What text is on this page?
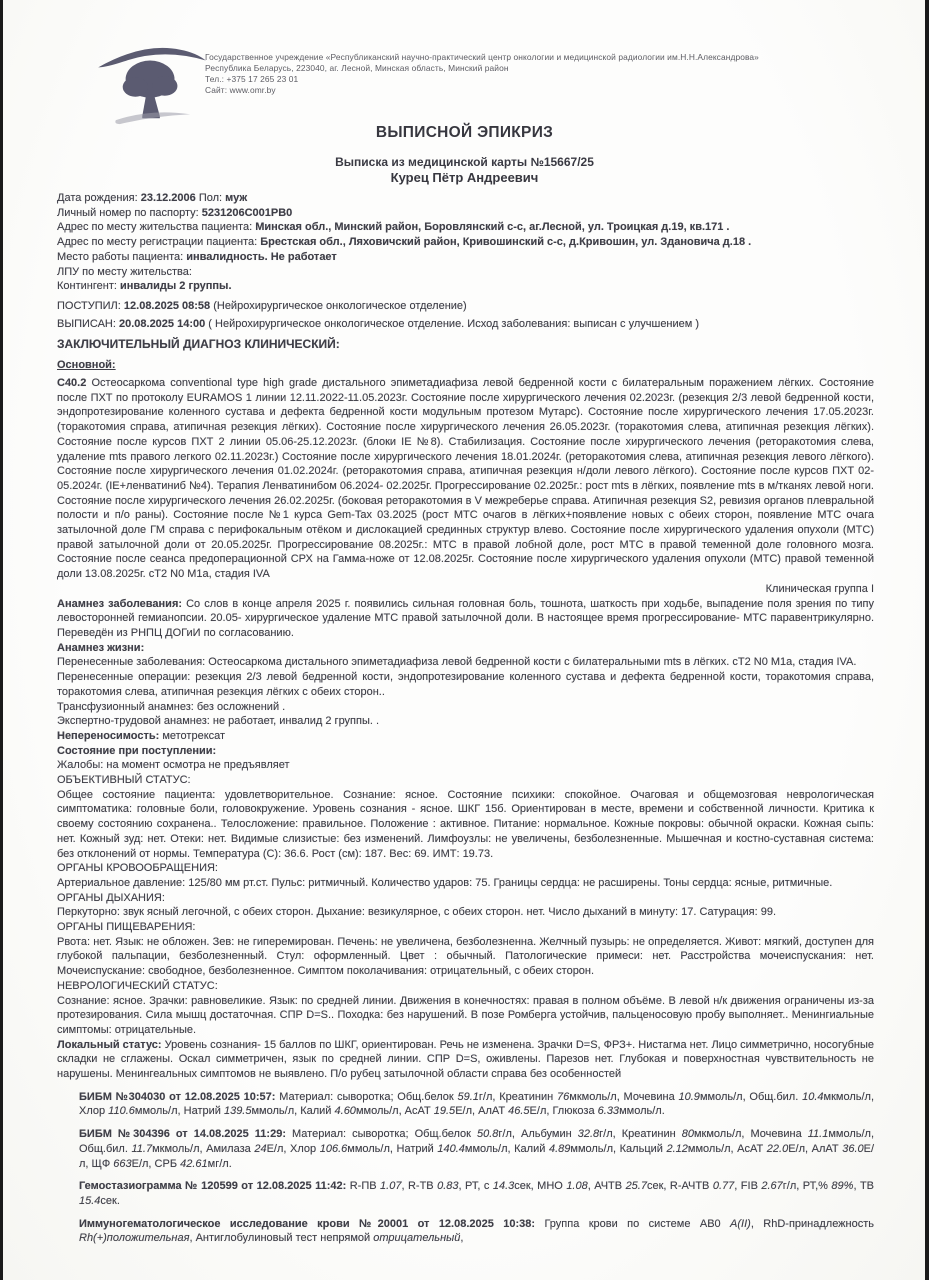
Государственное учреждение «Республиканский научно-практический центр онкологии и медицинской радиологии им.Н.Н.Александрова»
Республика Беларусь, 223040, аг. Лесной, Минская область, Минский район
Тел.: +375 17 265 23 01
Сайт: www.omr.by
ВЫПИСНОЙ ЭПИКРИЗ
Выписка из медицинской карты №15667/25
Курец Пётр Андреевич

Дата рождения: 23.12.2006 Пол: муж

Личный номер по паспорту: 5231206C001PB0

Адрес по месту жительства пациента: Минская обл., Минский район, Боровлянский с-с, аг.Лесной, ул. Троицкая д.19, кв.171 .

Адрес по месту регистрации пациента: Брестская обл., Ляховичский район, Кривошинский с-с, д.Кривошин, ул. Здановича д.18 .

Место работы пациента: инвалидность. Не работает

ЛПУ по месту жительства:

Контингент: инвалиды 2 группы.

ПОСТУПИЛ: 12.08.2025 08:58 (Нейрохирургическое онкологическое отделение)

ВЫПИСАН: 20.08.2025 14:00 ( Нейрохирургическое онкологическое отделение. Исход заболевания: выписан с улучшением )

ЗАКЛЮЧИТЕЛЬНЫЙ ДИАГНОЗ КЛИНИЧЕСКИЙ:

Основной:

С40.2 Остеосаркома conventional type high grade дистального эпиметадиафиза левой бедренной кости с билатеральным поражением лёгких. Состояние после ПХТ по протоколу EURAMOS 1 линии 12.11.2022-11.05.2023г. Состояние после хирургического лечения 02.2023г. (резекция 2/3 левой бедренной кости, эндопротезирование коленного сустава и дефекта бедренной кости модульным протезом Мутарс). Состояние после хирургического лечения 17.05.2023г. (торакотомия справа, атипичная резекция лёгких). Состояние после хирургического лечения 26.05.2023г. (торакотомия слева, атипичная резекция лёгких). Состояние после курсов ПХТ 2 линии 05.06-25.12.2023г. (блоки IE №8). Стабилизация. Состояние после хирургического лечения (реторакотомия слева, удаление mts правого легкого 02.11.2023г.) Состояние после хирургического лечения 18.01.2024г. (реторакотомия слева, атипичная резекция левого лёгкого). Состояние после хирургического лечения 01.02.2024г. (реторакотомия справа, атипичная резекция н/доли левого лёгкого). Состояние после курсов ПХТ 02-05.2024г. (IE+ленватиниб №4). Терапия Ленватинибом 06.2024- 02.2025г. Прогрессирование 02.2025г.: рост mts в лёгких, появление mts в м/тканях левой ноги. Состояние после хирургического лечения 26.02.2025г. (боковая реторакотомия в V межреберье справа. Атипичная резекция S2, ревизия органов плевральной полости и п/о раны). Состояние после №1 курса Gem-Tax 03.2025 (рост МТС очагов в лёгких+появление новых с обеих сторон, появление МТС очага затылочной доле ГМ справа с перифокальным отёком и дислокацией срединных структур влево. Состояние после хирургического удаления опухоли (МТС) правой затылочной доли от 20.05.2025г. Прогрессирование 08.2025г.: МТС в правой лобной доле, рост МТС в правой теменной доле головного мозга. Состояние после сеанса предоперационной СРХ на Гамма-ноже от 12.08.2025г. Состояние после хирургического удаления опухоли (МТС) правой теменной доли 13.08.2025г. сТ2 N0 M1a, стадия IVA

Клиническая группа I

Анамнез заболевания: Со слов в конце апреля 2025 г. появились сильная головная боль, тошнота, шаткость при ходьбе, выпадение поля зрения по типу левосторонней гемианопсии. 20.05- хирургическое удаление МТС правой затылочной доли. В настоящее время прогрессирование- МТС паравентрикулярно. Переведён из РНПЦ ДОГиИ по согласованию.

Анамнез жизни:

Перенесенные заболевания: Остеосаркома дистального эпиметадиафиза левой бедренной кости с билатеральными mts в лёгких. сТ2 N0 M1a, стадия IVA.

Перенесенные операции: резекция 2/3 левой бедренной кости, эндопротезирование коленного сустава и дефекта бедренной кости, торакотомия справа, торакотомия слева, атипичная резекция лёгких с обеих сторон..

Трансфузионный анамнез: без осложнений .

Экспертно-трудовой анамнез: не работает, инвалид 2 группы. .

Непереносимость: метотрексат

Состояние при поступлении:

Жалобы: на момент осмотра не предъявляет

ОБЪЕКТИВНЫЙ СТАТУС:

Общее состояние пациента: удовлетворительное. Сознание: ясное. Состояние психики: спокойное. Очаговая и общемозговая неврологическая симптоматика: головные боли, головокружение. Уровень сознания - ясное. ШКГ 15б. Ориентирован в месте, времени и собственной личности. Критика к своему состоянию сохранена.. Телосложение: правильное. Положение : активное. Питание: нормальное. Кожные покровы: обычной окраски. Кожная сыпь: нет. Кожный зуд: нет. Отеки: нет. Видимые слизистые: без изменений. Лимфоузлы: не увеличены, безболезненные. Мышечная и костно-суставная система: без отклонений от нормы. Температура (С): 36.6. Рост (см): 187. Вес: 69. ИМТ: 19.73.

ОРГАНЫ КРОВООБРАЩЕНИЯ:

Артериальное давление: 125/80 мм рт.ст. Пульс: ритмичный. Количество ударов: 75. Границы сердца: не расширены. Тоны сердца: ясные, ритмичные.

ОРГАНЫ ДЫХАНИЯ:

Перкуторно: звук ясный легочной, с обеих сторон. Дыхание: везикулярное, с обеих сторон. нет. Число дыханий в минуту: 17. Сатурация: 99.

ОРГАНЫ ПИЩЕВАРЕНИЯ:

Рвота: нет. Язык: не обложен. Зев: не гиперемирован. Печень: не увеличена, безболезненна. Желчный пузырь: не определяется. Живот: мягкий, доступен для глубокой пальпации, безболезненный. Стул: оформленный. Цвет : обычный. Патологические примеси: нет. Расстройства мочеиспускания: нет. Мочеиспускание: свободное, безболезненное. Симптом поколачивания: отрицательный, с обеих сторон.

НЕВРОЛОГИЧЕСКИЙ СТАТУС:

Сознание: ясное. Зрачки: равновеликие. Язык: по средней линии. Движения в конечностях: правая в полном объёме. В левой н/к движения ограничены из-за протезирования. Сила мышц достаточная. СПР D=S.. Походка: без нарушений. В позе Ромберга устойчив, пальценосовую пробу выполняет.. Менингиальные симптомы: отрицательные.

Локальный статус: Уровень сознания- 15 баллов по ШКГ, ориентирован. Речь не изменена. Зрачки D=S, ФРЗ+. Нистагма нет. Лицо симметрично, носогубные складки не сглажены. Оскал симметричен, язык по средней линии. СПР D=S, оживлены. Парезов нет. Глубокая и поверхностная чувствительность не нарушены. Менингеальных симптомов не выявлено. П/о рубец затылочной области справа без особенностей

БИБМ №304030 от 12.08.2025 10:57: Материал: сыворотка; Общ.белок 59.1г/л, Креатинин 76мкмоль/л, Мочевина 10.9ммоль/л, Общ.бил. 10.4мкмоль/л, Хлор 110.6ммоль/л, Натрий 139.5ммоль/л, Калий 4.60ммоль/л, АсАТ 19.5Е/л, АлАТ 46.5Е/л, Глюкоза 6.33ммоль/л.

БИБМ №304396 от 14.08.2025 11:29: Материал: сыворотка; Общ.белок 50.8г/л, Альбумин 32.8г/л, Креатинин 80мкмоль/л, Мочевина 11.1ммоль/л, Общ.бил. 11.7мкмоль/л, Амилаза 24Е/л, Хлор 106.6ммоль/л, Натрий 140.4ммоль/л, Калий 4.89ммоль/л, Кальций 2.12ммоль/л, АсАТ 22.0Е/л, АлАТ 36.0Е/л, ЩФ 663Е/л, СРБ 42.61мг/л.

Гемостазиограмма № 120599 от 12.08.2025 11:42: R-ПВ 1.07, R-ТВ 0.83, РТ, с 14.3сек, МНО 1.08, АЧТВ 25.7сек, R-АЧТВ 0.77, FIB 2.67г/л, РТ,% 89%, ТВ 15.4сек.

Иммуногематологическое исследование крови №20001 от 12.08.2025 10:38: Группа крови по системе AB0 A(II), RhD-принадлежность Rh(+)положительная, Антиглобулиновый тест непрямой отрицательный,
